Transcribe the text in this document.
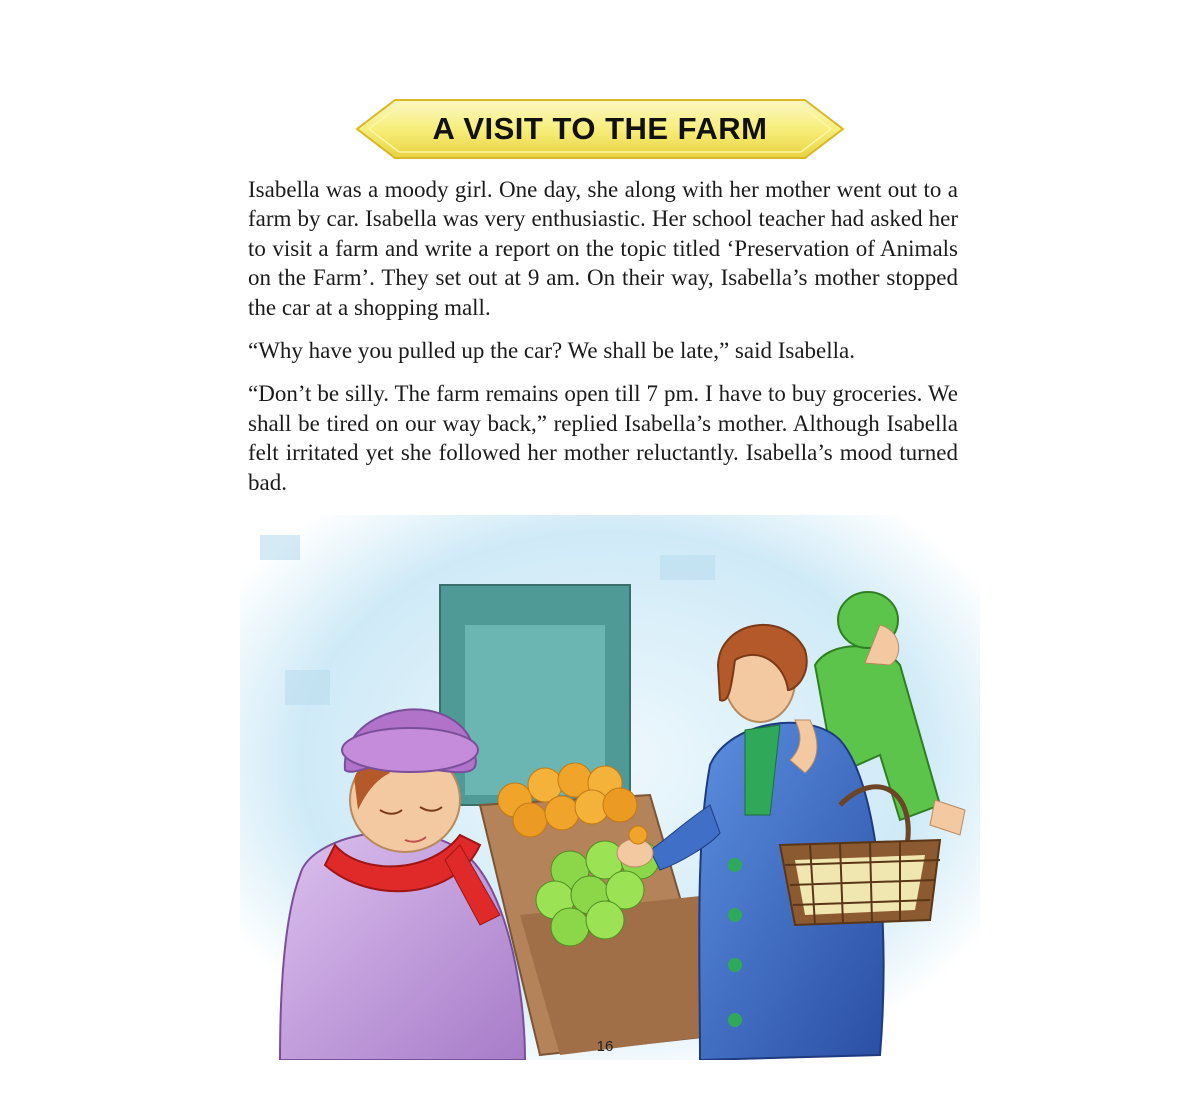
A VISIT TO THE FARM

Isabella was a moody girl. One day, she along with her mother went out to a farm by car. Isabella was very enthusiastic. Her school teacher had asked her to visit a farm and write a report on the topic titled ‘Preservation of Animals on the Farm’. They set out at 9 am. On their way, Isabella’s mother stopped the car at a shopping mall.

“Why have you pulled up the car? We shall be late,” said Isabella.

“Don’t be silly. The farm remains open till 7 pm. I have to buy groceries. We shall be tired on our way back,” replied Isabella’s mother. Although Isabella felt irritated yet she followed her mother reluctantly. Isabella’s mood turned bad.

16
